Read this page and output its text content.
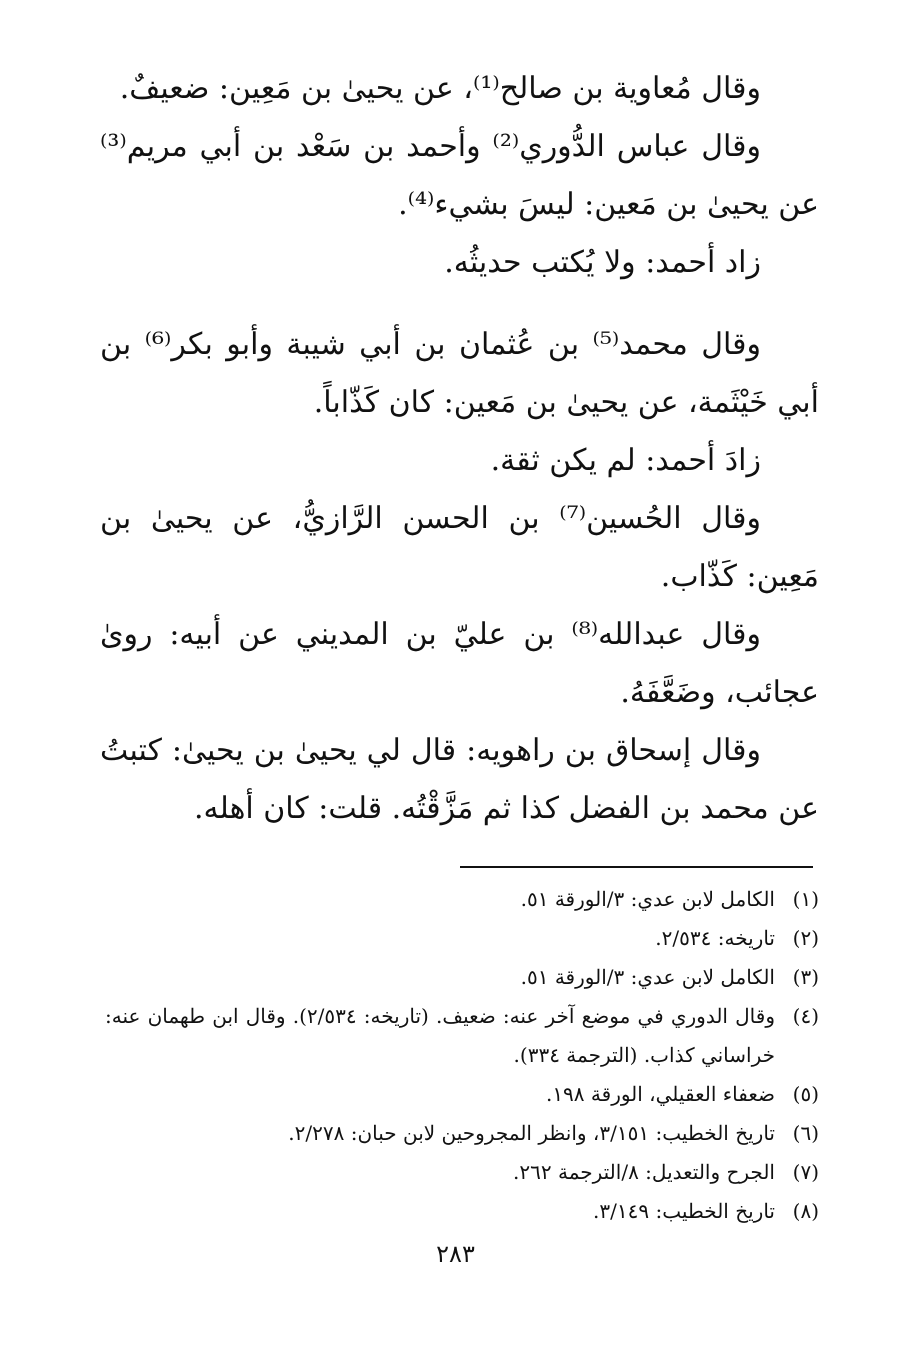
وقال مُعاوية بن صالح⁽¹⁾، عن يحيىٰ بن مَعِين: ضعيفٌ.

وقال عباس الدُّوري⁽²⁾ وأحمد بن سَعْد بن أبي مريم⁽³⁾ عن يحيىٰ بن مَعين: ليسَ بشيء⁽⁴⁾.

زاد أحمد: ولا يُكتب حديثُه.

وقال محمد⁽⁵⁾ بن عُثمان بن أبي شيبة وأبو بكر⁽⁶⁾ بن أبي خَيْثَمة، عن يحيىٰ بن مَعين: كان كَذّاباً.

زادَ أحمد: لم يكن ثقة.

وقال الحُسين⁽⁷⁾ بن الحسن الرَّازيُّ، عن يحيىٰ بن مَعِين: كَذّاب.

وقال عبدالله⁽⁸⁾ بن عليّ بن المديني عن أبيه: روىٰ عجائب، وضَعَّفَهُ.

وقال إسحاق بن راهويه: قال لي يحيىٰ بن يحيىٰ: كتبتُ عن محمد بن الفضل كذا ثم مَزَّقْتُه. قلت: كان أهله.

(١)
الكامل لابن عدي: ٣/الورقة ٥١.
(٢)
تاريخه: ٢/٥٣٤.
(٣)
الكامل لابن عدي: ٣/الورقة ٥١.
(٤)
وقال الدوري في موضع آخر عنه: ضعيف. (تاريخه: ٢/٥٣٤). وقال ابن طهمان عنه: خراساني كذاب. (الترجمة ٣٣٤).
(٥)
ضعفاء العقيلي، الورقة ١٩٨.
(٦)
تاريخ الخطيب: ٣/١٥١، وانظر المجروحين لابن حبان: ٢/٢٧٨.
(٧)
الجرح والتعديل: ٨/الترجمة ٢٦٢.
(٨)
تاريخ الخطيب: ٣/١٤٩.
٢٨٣
